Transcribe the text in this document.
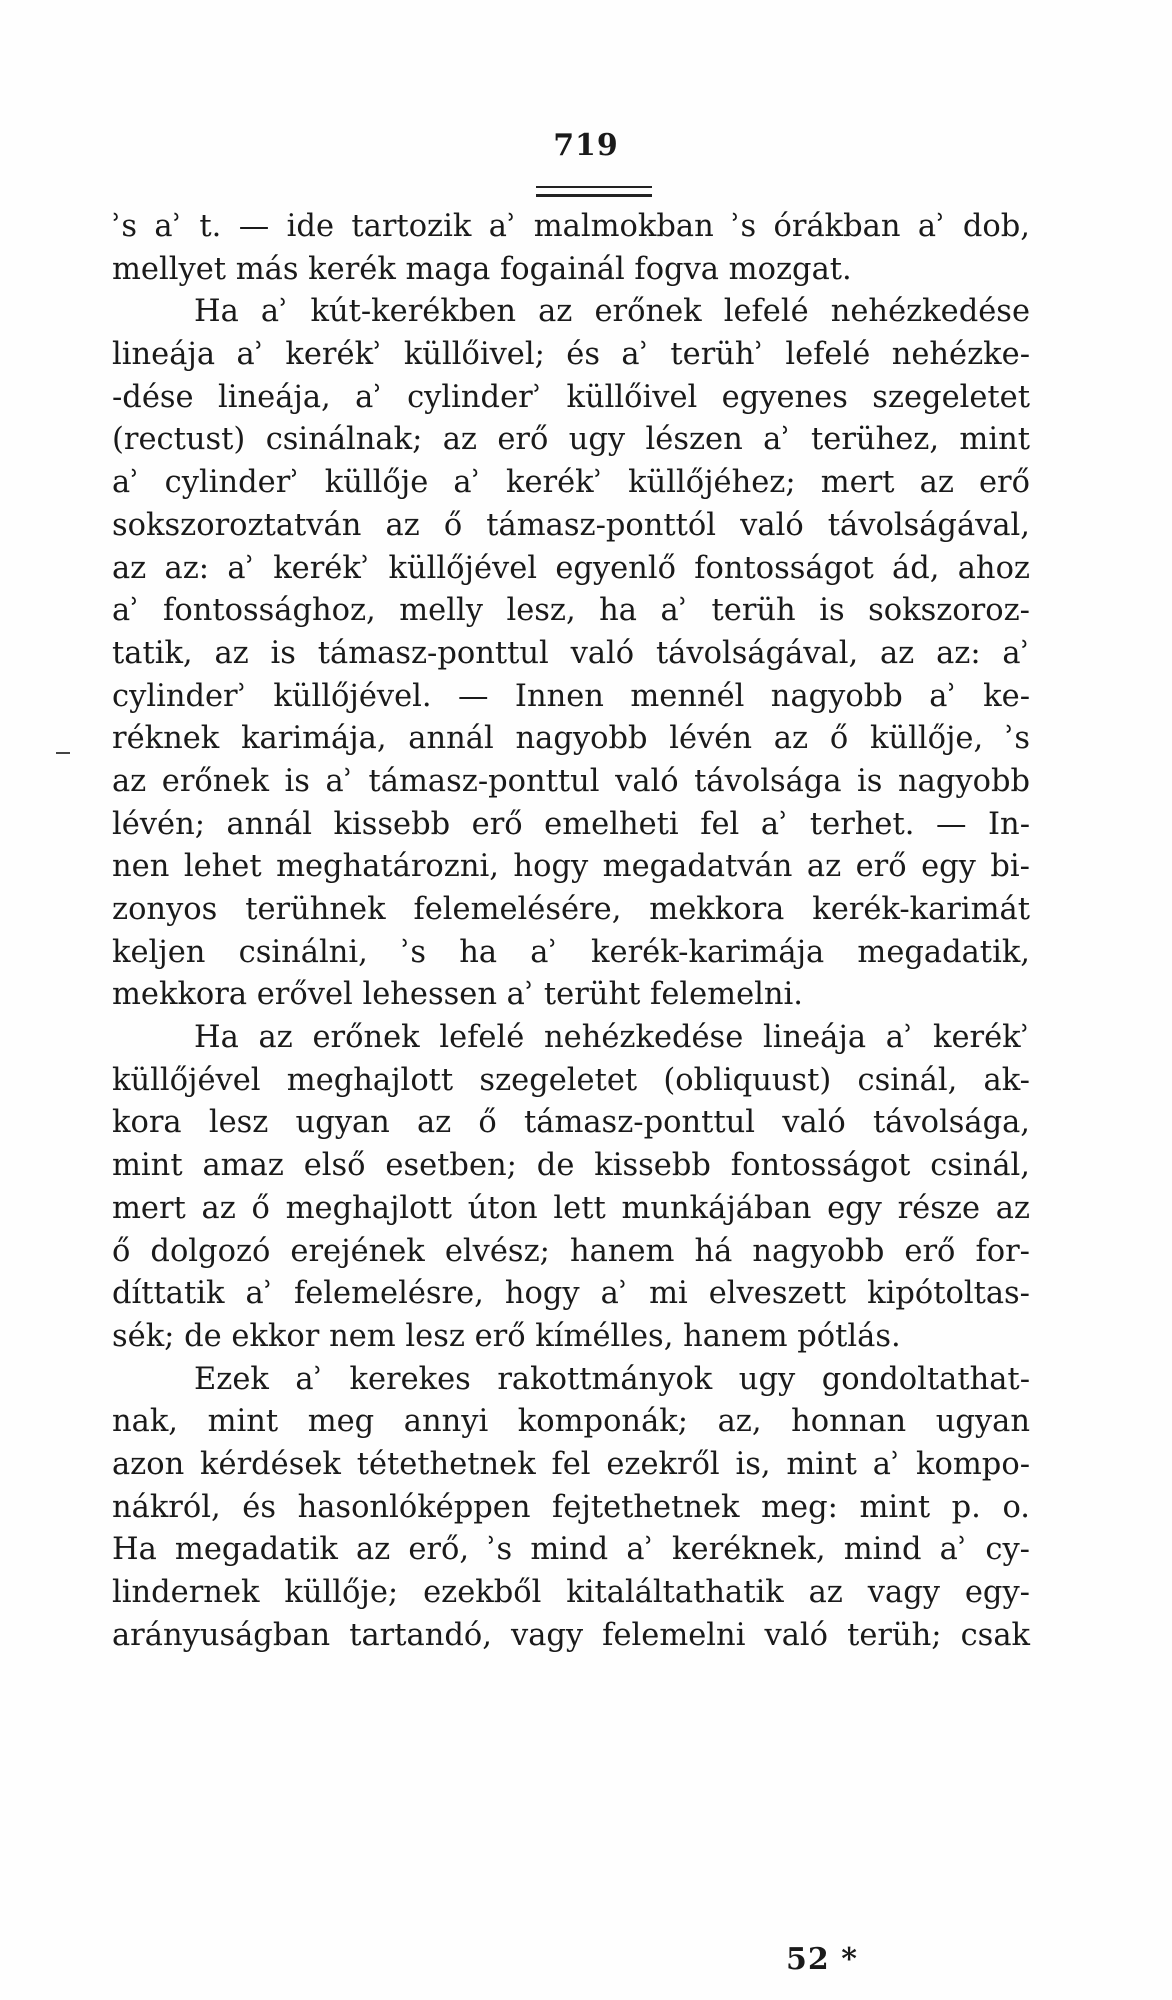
719
ʾs aʾ t. — ide tartozik aʾ malmokban ʾs órákban aʾ dob,
mellyet más kerék maga fogainál fogva mozgat.
Ha aʾ kút-kerékben az erőnek lefelé nehézkedése
lineája aʾ kerékʾ küllőivel; és aʾ terühʾ lefelé nehézke-
-dése lineája, aʾ cylinderʾ küllőivel egyenes szegeletet
(rectust) csinálnak; az erő ugy lészen aʾ terühez, mint
aʾ cylinderʾ küllője aʾ kerékʾ küllőjéhez; mert az erő
sokszoroztatván az ő támasz-ponttól való távolságával,
az az: aʾ kerékʾ küllőjével egyenlő fontosságot ád, ahoz
aʾ fontossághoz, melly lesz, ha aʾ terüh is sokszoroz-
tatik, az is támasz-ponttul való távolságával, az az: aʾ
cylinderʾ küllőjével. — Innen mennél nagyobb aʾ ke-
réknek karimája, annál nagyobb lévén az ő küllője, ʾs
az erőnek is aʾ támasz-ponttul való távolsága is nagyobb
lévén; annál kissebb erő emelheti fel aʾ terhet. — In-
nen lehet meghatározni, hogy megadatván az erő egy bi-
zonyos terühnek felemelésére, mekkora kerék-karimát
keljen csinálni, ʾs ha aʾ kerék-karimája megadatik,
mekkora erővel lehessen aʾ terüht felemelni.
Ha az erőnek lefelé nehézkedése lineája aʾ kerékʾ
küllőjével meghajlott szegeletet (obliquust) csinál, ak-
kora lesz ugyan az ő támasz-ponttul való távolsága,
mint amaz első esetben; de kissebb fontosságot csinál,
mert az ő meghajlott úton lett munkájában egy része az
ő dolgozó erejének elvész; hanem há nagyobb erő for-
díttatik aʾ felemelésre, hogy aʾ mi elveszett kipótoltas-
sék; de ekkor nem lesz erő kímélles, hanem pótlás.
Ezek aʾ kerekes rakottmányok ugy gondoltathat-
nak, mint meg annyi komponák; az, honnan ugyan
azon kérdések tétethetnek fel ezekről is, mint aʾ kompo-
nákról, és hasonlóképpen fejtethetnek meg: mint p. o.
Ha megadatik az erő, ʾs mind aʾ keréknek, mind aʾ cy-
lindernek küllője; ezekből kitaláltathatik az vagy egy-
arányuságban tartandó, vagy felemelni való terüh; csak
52 *
